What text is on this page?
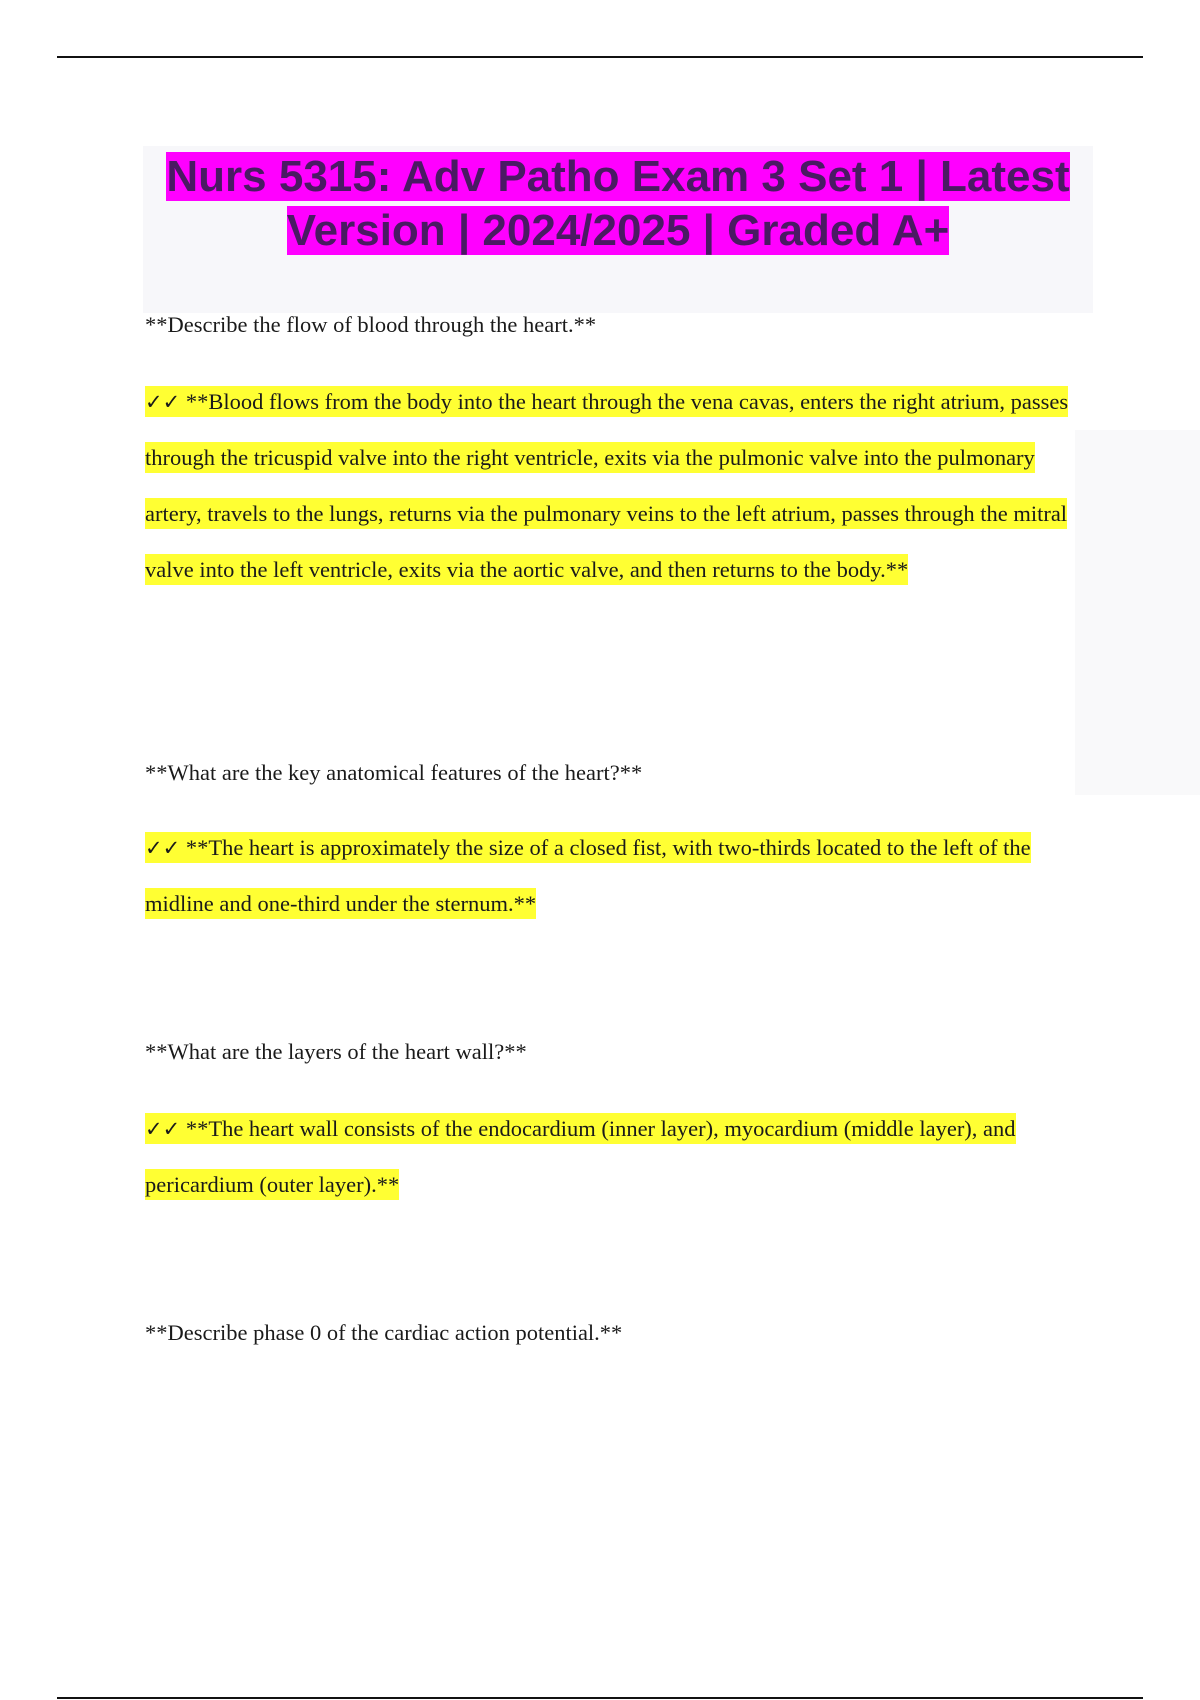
Nurs 5315: Adv Patho Exam 3 Set 1 | Latest Version | 2024/2025 | Graded A+
**Describe the flow of blood through the heart.**
✓✓ **Blood flows from the body into the heart through the vena cavas, enters the right atrium, passes through the tricuspid valve into the right ventricle, exits via the pulmonic valve into the pulmonary artery, travels to the lungs, returns via the pulmonary veins to the left atrium, passes through the mitral valve into the left ventricle, exits via the aortic valve, and then returns to the body.**
**What are the key anatomical features of the heart?**
✓✓ **The heart is approximately the size of a closed fist, with two-thirds located to the left of the midline and one-third under the sternum.**
**What are the layers of the heart wall?**
✓✓ **The heart wall consists of the endocardium (inner layer), myocardium (middle layer), and pericardium (outer layer).**
**Describe phase 0 of the cardiac action potential.**
